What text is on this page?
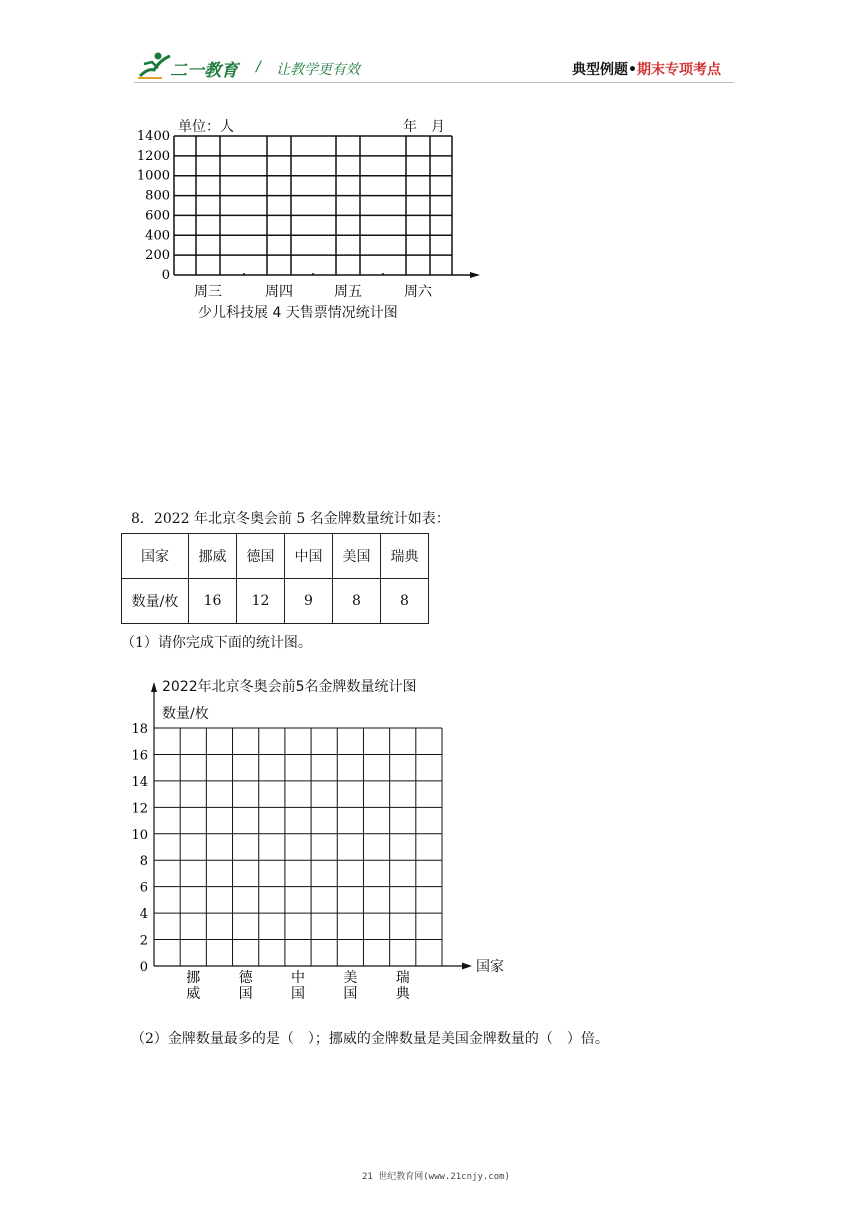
二一教育 / 让教学更有效	典型例题•期末专项考点
0
200
400
600
800
1000
1200
1400
周三	周四	周五	周六
单位：人	年　月
少儿科技展 4 天售票情况统计图
8．2022 年北京冬奥会前 5 名金牌数量统计如表：
国家	挪威	德国	中国	美国	瑞典
数量/枚	16	12	9	8	8
（1）请你完成下面的统计图。
0
2
4
6
8
10
12
14
16
18
挪
威
德
国
中
国
美
国
瑞
典
2022年北京冬奥会前5名金牌数量统计图
数量/枚
国家
（2）金牌数量最多的是（　）；挪威的金牌数量是美国金牌数量的（　）倍。
21 世纪教育网(www.21cnjy.com)
